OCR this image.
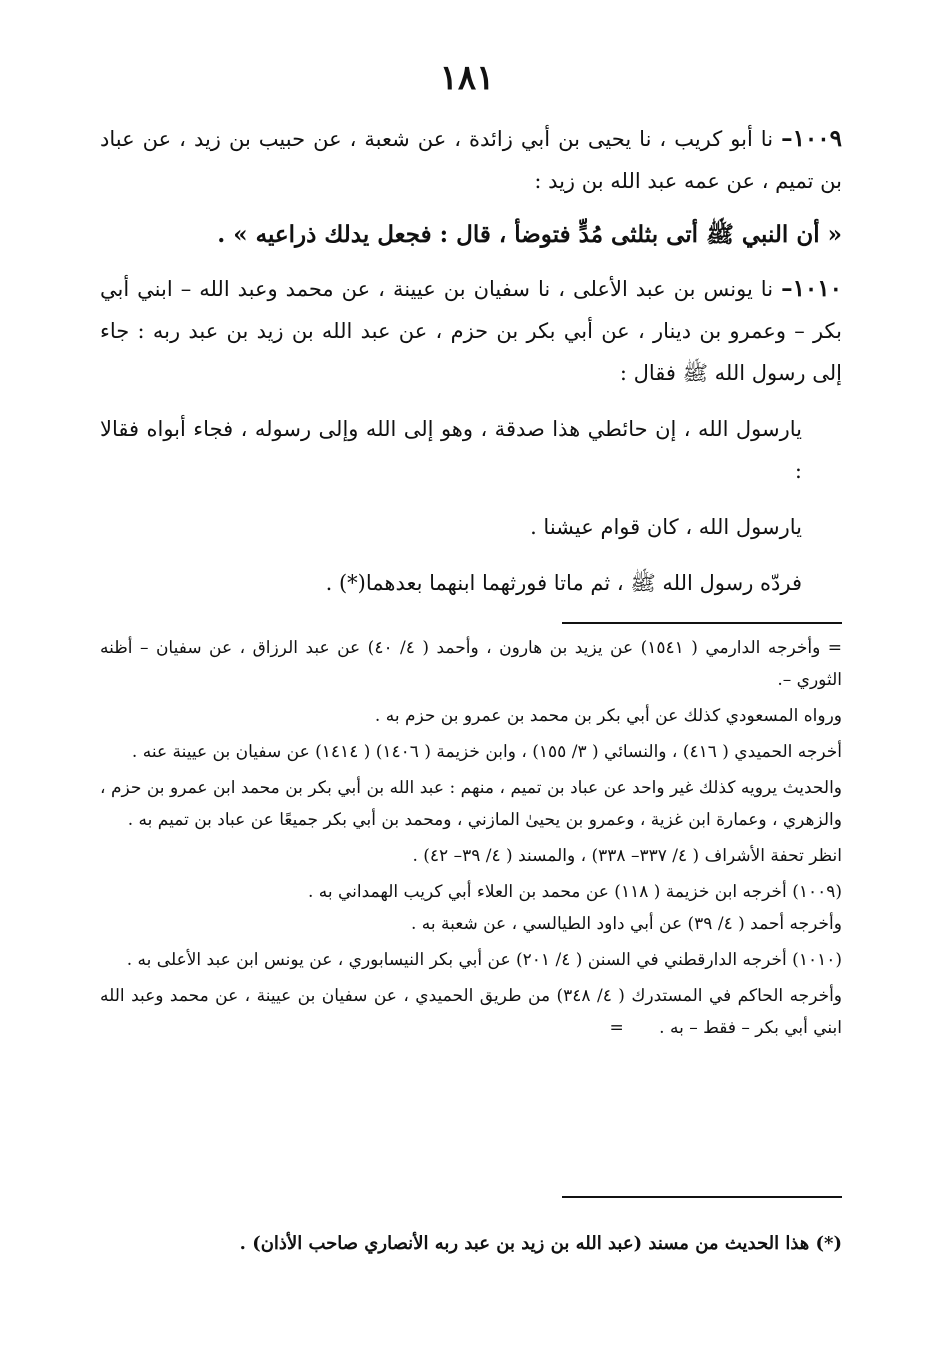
١٨١

١٠٠٩– نا أبو كريب ، نا يحيى بن أبي زائدة ، عن شعبة ، عن حبيب بن زيد ، عن عباد بن تميم ، عن عمه عبد الله بن زيد :

« أن النبي ﷺ أتى بثلثى مُدٍّ فتوضأ ، قال : فجعل يدلك ذراعيه » .

١٠١٠– نا يونس بن عبد الأعلى ، نا سفيان بن عيينة ، عن محمد وعبد الله – ابني أبي بكر – وعمرو بن دينار ، عن أبي بكر بن حزم ، عن عبد الله بن زيد بن عبد ربه : جاء إلى رسول الله ﷺ فقال :

يارسول الله ، إن حائطي هذا صدقة ، وهو إلى الله وإلى رسوله ، فجاء أبواه فقالا :

يارسول الله ، كان قوام عيشنا .

فردّه رسول الله ﷺ ، ثم ماتا فورثهما ابنهما بعدهما(*) .

= وأخرجه الدارمي ( ١٥٤١) عن يزيد بن هارون ، وأحمد ( ٤/ ٤٠) عن عبد الرزاق ، عن سفيان – أظنه الثوري –.

ورواه المسعودي كذلك عن أبي بكر بن محمد بن عمرو بن حزم به .

أخرجه الحميدي ( ٤١٦) ، والنسائي ( ٣/ ١٥٥) ، وابن خزيمة ( ١٤٠٦) ( ١٤١٤) عن سفيان بن عيينة عنه .

والحديث يرويه كذلك غير واحد عن عباد بن تميم ، منهم : عبد الله بن أبي بكر بن محمد ابن عمرو بن حزم ، والزهري ، وعمارة ابن غزية ، وعمرو بن يحيىٰ المازني ، ومحمد بن أبي بكر جميعًا عن عباد بن تميم به .

انظر تحفة الأشراف ( ٤/ ٣٣٧– ٣٣٨) ، والمسند ( ٤/ ٣٩– ٤٢) .

(١٠٠٩) أخرجه ابن خزيمة ( ١١٨) عن محمد بن العلاء أبي كريب الهمداني به .

وأخرجه أحمد ( ٤/ ٣٩) عن أبي داود الطيالسي ، عن شعبة به .

(١٠١٠) أخرجه الدارقطني في السنن ( ٤/ ٢٠١) عن أبي بكر النيسابوري ، عن يونس ابن عبد الأعلى به .

وأخرجه الحاكم في المستدرك ( ٤/ ٣٤٨) من طريق الحميدي ، عن سفيان بن عيينة ، عن محمد وعبد الله ابني أبي بكر – فقط – به . =

(*) هذا الحديث من مسند (عبد الله بن زيد بن عبد ربه الأنصاري صاحب الأذان) .
